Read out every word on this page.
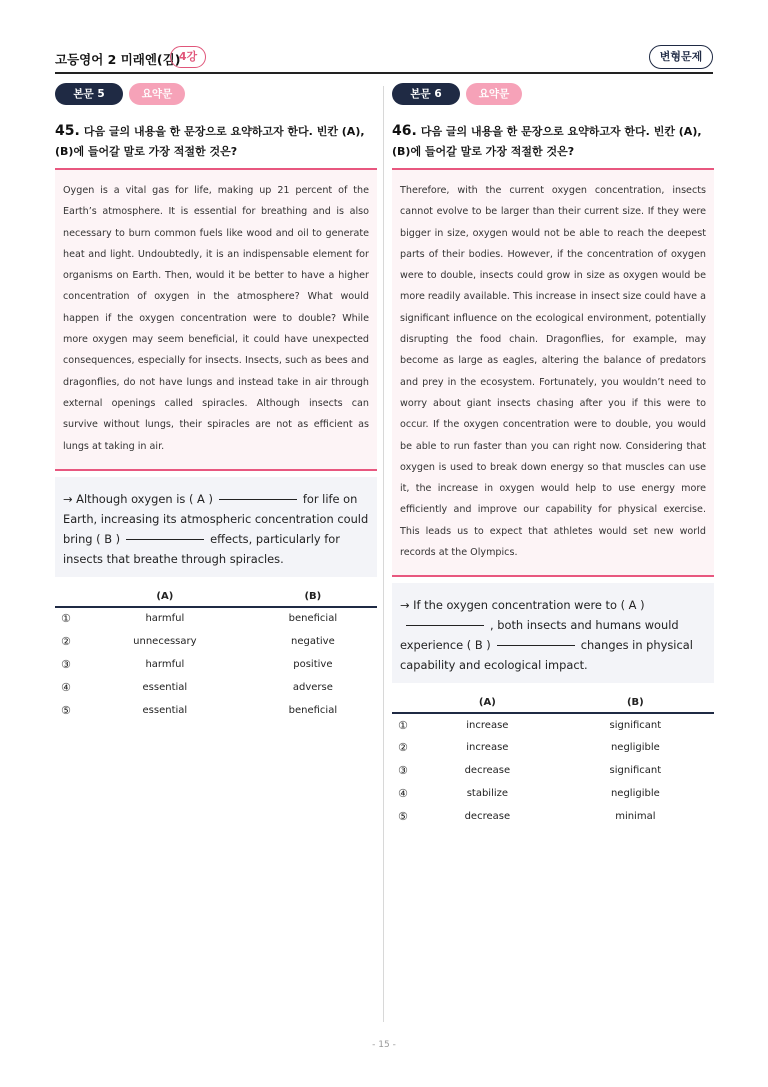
고등영어 2 미래엔(김)
4강	변형문제
본문 5	요약문
45. 다음 글의 내용을 한 문장으로 요약하고자 한다. 빈칸 (A), (B)에 들어갈 말로 가장 적절한 것은?
Oygen is a vital gas for life, making up 21 percent of the Earth’s atmosphere. It is essential for breathing and is also necessary to burn common fuels like wood and oil to generate heat and light. Undoubtedly, it is an indispensable element for organisms on Earth. Then, would it be better to have a higher concentration of oxygen in the atmosphere? What would happen if the oxygen concentration were to double? While more oxygen may seem beneficial, it could have unexpected consequences, especially for insects. Insects, such as bees and dragonflies, do not have lungs and instead take in air through external openings called spiracles. Although insects can survive without lungs, their spiracles are not as efficient as lungs at taking in air.
→ Although oxygen is ( A )	for life on Earth, increasing its atmospheric concentration could bring ( B )	effects, particularly for insects that breathe through spiracles.
	(A)	(B)
①	harmful	beneficial
②	unnecessary	negative
③	harmful	positive
④	essential	adverse
⑤	essential	beneficial
본문 6	요약문
46. 다음 글의 내용을 한 문장으로 요약하고자 한다. 빈칸 (A), (B)에 들어갈 말로 가장 적절한 것은?
Therefore, with the current oxygen concentration, insects cannot evolve to be larger than their current size. If they were bigger in size, oxygen would not be able to reach the deepest parts of their bodies. However, if the concentration of oxygen were to double, insects could grow in size as oxygen would be more readily available. This increase in insect size could have a significant influence on the ecological environment, potentially disrupting the food chain. Dragonflies, for example, may become as large as eagles, altering the balance of predators and prey in the ecosystem. Fortunately, you wouldn’t need to worry about giant insects chasing after you if this were to occur. If the oxygen concentration were to double, you would be able to run faster than you can right now. Considering that oxygen is used to break down energy so that muscles can use it, the increase in oxygen would help to use energy more efficiently and improve our capability for physical exercise. This leads us to expect that athletes would set new world records at the Olympics.
→ If the oxygen concentration were to ( A ), both insects and humans would experience ( B )	changes in physical capability and ecological impact.
	(A)	(B)
①	increase	significant
②	increase	negligible
③	decrease	significant
④	stabilize	negligible
⑤	decrease	minimal
- 15 -
